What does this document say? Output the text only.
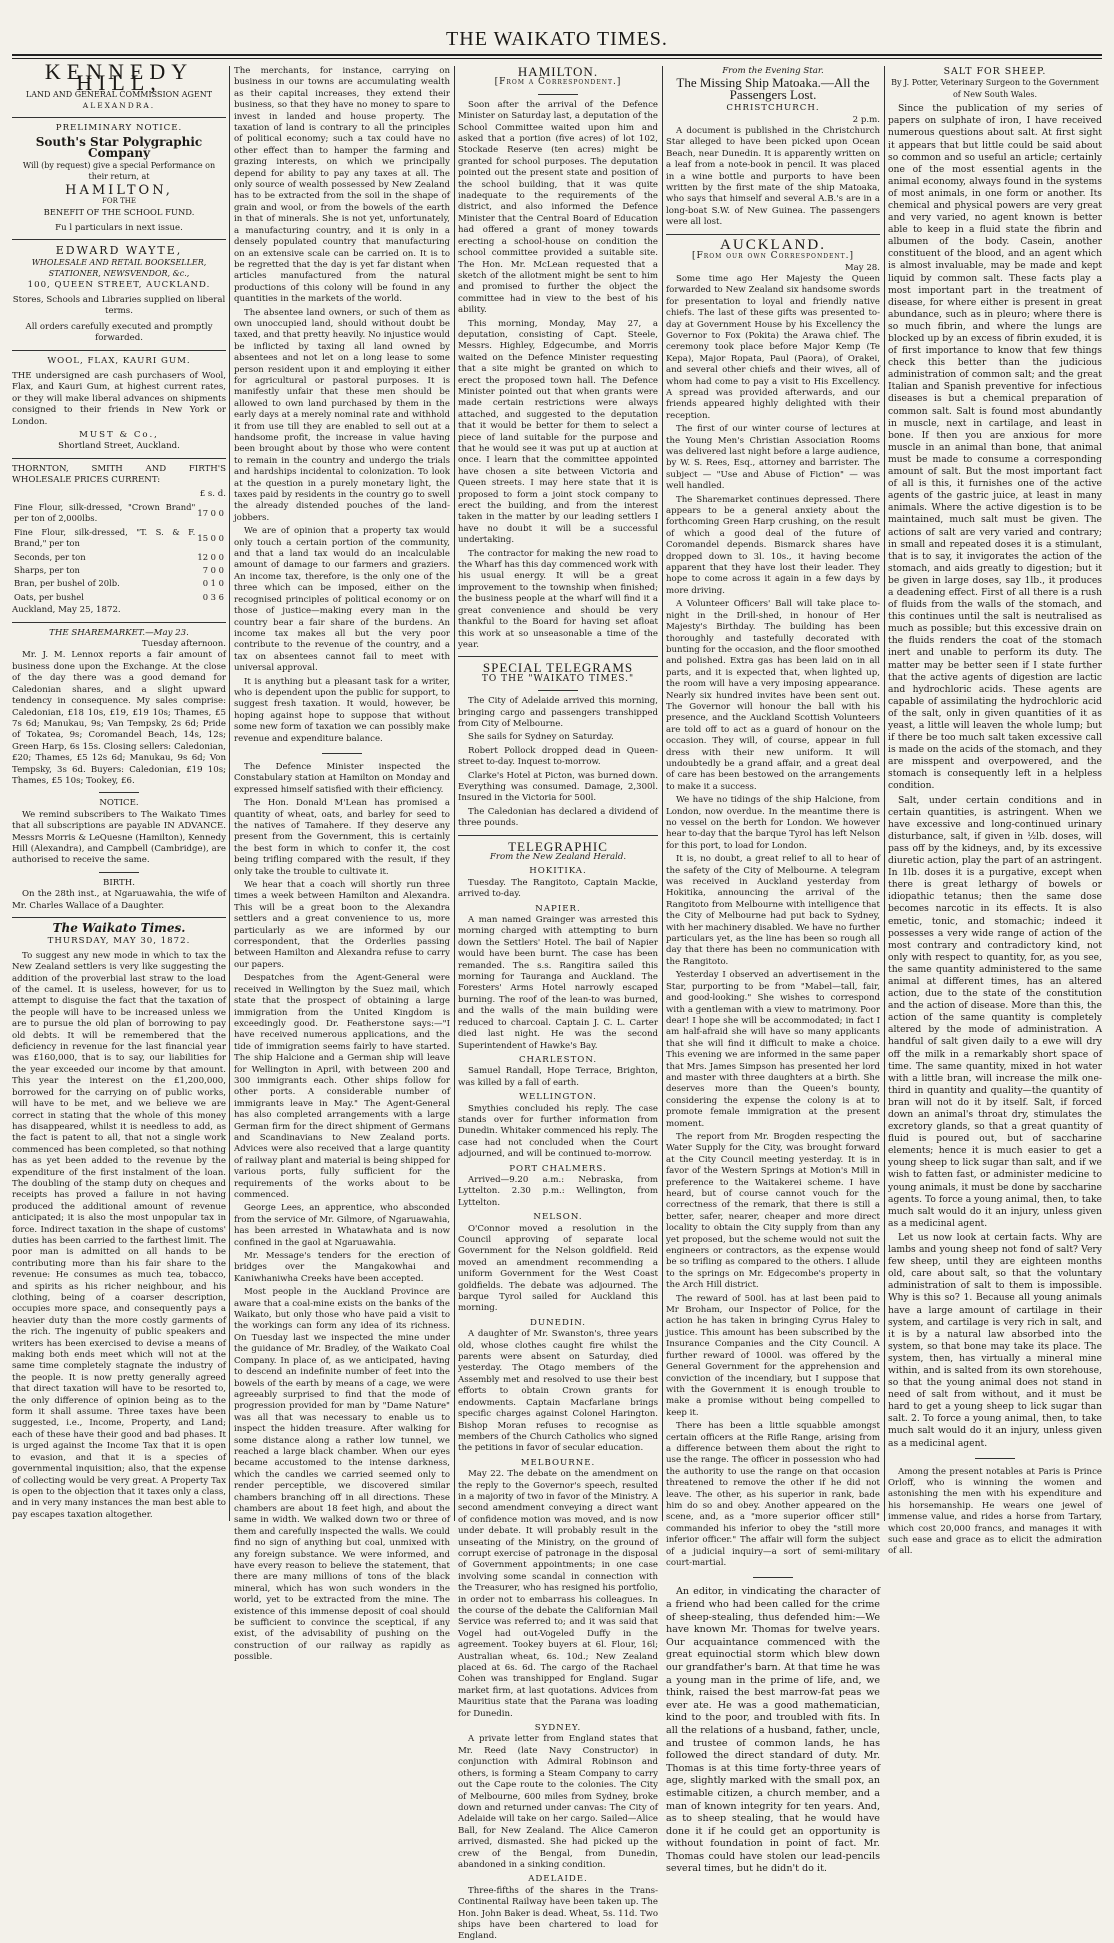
THE WAIKATO TIMES.
KENNEDY HILL,
LAND AND GENERAL COMMISSION AGENT
ALEXANDRA.
PRELIMINARY NOTICE.
South's Star Polygraphic Company
Will (by request) give a special Performance on their return, at
HAMILTON,
FOR THE
BENEFIT OF THE SCHOOL FUND.
Fu l particulars in next issue.
EDWARD WAYTE,
WHOLESALE AND RETAIL BOOKSELLER,
STATIONER, NEWSVENDOR, &c.,
100, QUEEN STREET, AUCKLAND.

Stores, Schools and Libraries supplied on liberal terms.

All orders carefully executed and promptly forwarded.

WOOL, FLAX, KAURI GUM.

THE undersigned are cash purchasers of Wool, Flax, and Kauri Gum, at highest current rates, or they will make liberal advances on shipments consigned to their friends in New York or London.

MUST & Co.,
Shortland Street, Auckland.

THORNTON, SMITH AND FIRTH'S WHOLESALE PRICES CURRENT:

£ s. d.
Fine Flour, silk-dressed, "Crown Brand" per ton of 2,000lbs.	17 0 0
Fine Flour, silk-dressed, "T. S. & F. Brand," per ton	15 0 0
Seconds, per ton	12 0 0
Sharps, per ton	7 0 0
Bran, per bushel of 20lb.	0 1 0
Oats, per bushel	0 3 6
Auckland, May 25, 1872.
THE SHAREMARKET.—May 23.
Tuesday afternoon.

Mr. J. M. Lennox reports a fair amount of business done upon the Exchange. At the close of the day there was a good demand for Caledonian shares, and a slight upward tendency in consequence. My sales comprise: Caledonian, £18 10s, £19, £19 10s; Thames, £5 7s 6d; Manukau, 9s; Van Tempsky, 2s 6d; Pride of Tokatea, 9s; Coromandel Beach, 14s, 12s; Green Harp, 6s 15s. Closing sellers: Caledonian, £20; Thames, £5 12s 6d; Manukau, 9s 6d; Von Tempsky, 3s 6d. Buyers: Caledonian, £19 10s; Thames, £5 10s; Tookey, £6.

NOTICE.

We remind subscribers to The Waikato Times that all subscriptions are payable IN ADVANCE. Messrs Morris & LeQuesne (Hamilton), Kennedy Hill (Alexandra), and Campbell (Cambridge), are authorised to receive the same.

BIRTH.

On the 28th inst., at Ngaruawahia, the wife of Mr. Charles Wallace of a Daughter.

The Waikato Times.
THURSDAY, MAY 30, 1872.

To suggest any new mode in which to tax the New Zealand settlers is very like suggesting the addition of the proverbial last straw to the load of the camel. It is useless, however, for us to attempt to disguise the fact that the taxation of the people will have to be increased unless we are to pursue the old plan of borrowing to pay old debts. It will be remembered that the deficiency in revenue for the last financial year was £160,000, that is to say, our liabilities for the year exceeded our income by that amount. This year the interest on the £1,200,000, borrowed for the carrying on of public works, will have to be met, and we believe we are correct in stating that the whole of this money has disappeared, whilst it is needless to add, as the fact is patent to all, that not a single work commenced has been completed, so that nothing has as yet been added to the revenue by the expenditure of the first instalment of the loan. The doubling of the stamp duty on cheques and receipts has proved a failure in not having produced the additional amount of revenue anticipated; it is also the most unpopular tax in force. Indirect taxation in the shape of customs' duties has been carried to the farthest limit. The poor man is admitted on all hands to be contributing more than his fair share to the revenue: He consumes as much tea, tobacco, and spirits as his richer neighbour, and his clothing, being of a coarser description, occupies more space, and consequently pays a heavier duty than the more costly garments of the rich. The ingenuity of public speakers and writers has been exercised to devise a means of making both ends meet which will not at the same time completely stagnate the industry of the people. It is now pretty generally agreed that direct taxation will have to be resorted to, the only difference of opinion being as to the form it shall assume. Three taxes have been suggested, i.e., Income, Property, and Land; each of these have their good and bad phases. It is urged against the Income Tax that it is open to evasion, and that it is a species of governmental inquisition; also, that the expense of collecting would be very great. A Property Tax is open to the objection that it taxes only a class, and in very many instances the man best able to pay escapes taxation altogether.

The merchants, for instance, carrying on business in our towns are accumulating wealth as their capital increases, they extend their business, so that they have no money to spare to invest in landed and house property. The taxation of land is contrary to all the principles of political economy; such a tax could have no other effect than to hamper the farming and grazing interests, on which we principally depend for ability to pay any taxes at all. The only source of wealth possessed by New Zealand has to be extracted from the soil in the shape of grain and wool, or from the bowels of the earth in that of minerals. She is not yet, unfortunately, a manufacturing country, and it is only in a densely populated country that manufacturing on an extensive scale can be carried on. It is to be regretted that the day is yet far distant when articles manufactured from the natural productions of this colony will be found in any quantities in the markets of the world.

The absentee land owners, or such of them as own unoccupied land, should without doubt be taxed, and that pretty heavily. No injustice would be inflicted by taxing all land owned by absentees and not let on a long lease to some person resident upon it and employing it either for agricultural or pastoral purposes. It is manifestly unfair that these men should be allowed to own land purchased by them in the early days at a merely nominal rate and withhold it from use till they are enabled to sell out at a handsome profit, the increase in value having been brought about by those who were content to remain in the country and undergo the trials and hardships incidental to colonization. To look at the question in a purely monetary light, the taxes paid by residents in the country go to swell the already distended pouches of the land-jobbers.

We are of opinion that a property tax would only touch a certain portion of the community, and that a land tax would do an incalculable amount of damage to our farmers and graziers. An income tax, therefore, is the only one of the three which can be imposed, either on the recognised principles of political economy or on those of justice—making every man in the country bear a fair share of the burdens. An income tax makes all but the very poor contribute to the revenue of the country, and a tax on absentees cannot fail to meet with universal approval.

It is anything but a pleasant task for a writer, who is dependent upon the public for support, to suggest fresh taxation. It would, however, be hoping against hope to suppose that without some new form of taxation we can possibly make revenue and expenditure balance.

The Defence Minister inspected the Constabulary station at Hamilton on Monday and expressed himself satisfied with their efficiency.

The Hon. Donald M'Lean has promised a quantity of wheat, oats, and barley for seed to the natives of Tamahere. If they deserve any present from the Government, this is certainly the best form in which to confer it, the cost being trifling compared with the result, if they only take the trouble to cultivate it.

We hear that a coach will shortly run three times a week between Hamilton and Alexandra. This will be a great boon to the Alexandra settlers and a great convenience to us, more particularly as we are informed by our correspondent, that the Orderlies passing between Hamilton and Alexandra refuse to carry our papers.

Despatches from the Agent-General were received in Wellington by the Suez mail, which state that the prospect of obtaining a large immigration from the United Kingdom is exceedingly good. Dr. Featherstone says:—"I have received numerous applications, and the tide of immigration seems fairly to have started. The ship Halcione and a German ship will leave for Wellington in April, with between 200 and 300 immigrants each. Other ships follow for other ports. A considerable number of immigrants leave in May." The Agent-General has also completed arrangements with a large German firm for the direct shipment of Germans and Scandinavians to New Zealand ports. Advices were also received that a large quantity of railway plant and material is being shipped for various ports, fully sufficient for the requirements of the works about to be commenced.

George Lees, an apprentice, who absconded from the service of Mr. Gilmore, of Ngaruawahia, has been arrested in Whatawhata and is now confined in the gaol at Ngaruawahia.

Mr. Message's tenders for the erection of bridges over the Mangakowhai and Kaniwhaniwha Creeks have been accepted.

Most people in the Auckland Province are aware that a coal-mine exists on the banks of the Waikato, but only those who have paid a visit to the workings can form any idea of its richness. On Tuesday last we inspected the mine under the guidance of Mr. Bradley, of the Waikato Coal Company. In place of, as we anticipated, having to descend an indefinite number of feet into the bowels of the earth by means of a cage, we were agreeably surprised to find that the mode of progression provided for man by "Dame Nature" was all that was necessary to enable us to inspect the hidden treasure. After walking for some distance along a rather low tunnel, we reached a large black chamber. When our eyes became accustomed to the intense darkness, which the candles we carried seemed only to render perceptible, we discovered similar chambers branching off in all directions. These chambers are about 18 feet high, and about the same in width. We walked down two or three of them and carefully inspected the walls. We could find no sign of anything but coal, unmixed with any foreign substance. We were informed, and have every reason to believe the statement, that there are many millions of tons of the black mineral, which has won such wonders in the world, yet to be extracted from the mine. The existence of this immense deposit of coal should be sufficient to convince the sceptical, if any exist, of the advisability of pushing on the construction of our railway as rapidly as possible.

HAMILTON.
[From a Correspondent.]

Soon after the arrival of the Defence Minister on Saturday last, a deputation of the School Committee waited upon him and asked that a portion (five acres) of lot 102, Stockade Reserve (ten acres) might be granted for school purposes. The deputation pointed out the present state and position of the school building, that it was quite inadequate to the requirements of the district, and also informed the Defence Minister that the Central Board of Education had offered a grant of money towards erecting a school-house on condition the school committee provided a suitable site. The Hon. Mr. McLean requested that a sketch of the allotment might be sent to him and promised to further the object the committee had in view to the best of his ability.

This morning, Monday, May 27, a deputation, consisting of Capt. Steele, Messrs. Highley, Edgecumbe, and Morris waited on the Defence Minister requesting that a site might be granted on which to erect the proposed town hall. The Defence Minister pointed out that when grants were made certain restrictions were always attached, and suggested to the deputation that it would be better for them to select a piece of land suitable for the purpose and that he would see it was put up at auction at once. I learn that the committee appointed have chosen a site between Victoria and Queen streets. I may here state that it is proposed to form a joint stock company to erect the building, and from the interest taken in the matter by our leading settlers I have no doubt it will be a successful undertaking.

The contractor for making the new road to the Wharf has this day commenced work with his usual energy. It will be a great improvement to the township when finished; the business people at the wharf will find it a great convenience and should be very thankful to the Board for having set afloat this work at so unseasonable a time of the year.

SPECIAL TELEGRAMS
TO THE "WAIKATO TIMES."

The City of Adelaide arrived this morning, bringing cargo and passengers transhipped from City of Melbourne.

She sails for Sydney on Saturday.

Robert Pollock dropped dead in Queen-street to-day. Inquest to-morrow.

Clarke's Hotel at Picton, was burned down. Everything was consumed. Damage, 2,300l. Insured in the Victoria for 500l.

The Caledonian has declared a dividend of three pounds.

TELEGRAPHIC
From the New Zealand Herald.
HOKITIKA.

Tuesday. The Rangitoto, Captain Mackie, arrived to-day.

NAPIER.

A man named Grainger was arrested this morning charged with attempting to burn down the Settlers' Hotel. The bail of Napier would have been burnt. The case has been remanded. The s.s. Rangitira sailed this morning for Tauranga and Auckland. The Foresters' Arms Hotel narrowly escaped burning. The roof of the lean-to was burned, and the walls of the main building were reduced to charcoal. Captain J. C. L. Carter died last night. He was the second Superintendent of Hawke's Bay.

CHARLESTON.

Samuel Randall, Hope Terrace, Brighton, was killed by a fall of earth.

WELLINGTON.

Smythies concluded his reply. The case stands over for further information from Dunedin. Whitaker commenced his reply. The case had not concluded when the Court adjourned, and will be continued to-morrow.

PORT CHALMERS.

Arrived—9.20 a.m.: Nebraska, from Lyttelton. 2.30 p.m.: Wellington, from Lyttelton.

NELSON.

O'Connor moved a resolution in the Council approving of separate local Government for the Nelson goldfield. Reid moved an amendment recommending a uniform Government for the West Coast goldfields. The debate was adjourned. The barque Tyrol sailed for Auckland this morning.

DUNEDIN.

A daughter of Mr. Swanston's, three years old, whose clothes caught fire whilst the parents were absent on Saturday, died yesterday. The Otago members of the Assembly met and resolved to use their best efforts to obtain Crown grants for endowments. Captain Macfarlane brings specific charges against Colonel Harington. Bishop Moran refuses to recognise as members of the Church Catholics who signed the petitions in favor of secular education.

MELBOURNE.

May 22. The debate on the amendment on the reply to the Governor's speech, resulted in a majority of two in favor of the Ministry. A second amendment conveying a direct want of confidence motion was moved, and is now under debate. It will probably result in the unseating of the Ministry, on the ground of corrupt exercise of patronage in the disposal of Government appointments; in one case involving some scandal in connection with the Treasurer, who has resigned his portfolio, in order not to embarrass his colleagues. In the course of the debate the Californian Mail Service was referred to; and it was said that Vogel had out-Vogeled Duffy in the agreement. Tookey buyers at 6l. Flour, 16l; Australian wheat, 6s. 10d.; New Zealand placed at 6s. 6d. The cargo of the Rachael Cohen was transhipped for England. Sugar market firm, at last quotations. Advices from Mauritius state that the Parana was loading for Dunedin.

SYDNEY.

A private letter from England states that Mr. Reed (late Navy Constructor) in conjunction with Admiral Robinson and others, is forming a Steam Company to carry out the Cape route to the colonies. The City of Melbourne, 600 miles from Sydney, broke down and returned under canvas: The City of Adelaide will take on her cargo. Sailed—Alice Ball, for New Zealand. The Alice Cameron arrived, dismasted. She had picked up the crew of the Bengal, from Dunedin, abandoned in a sinking condition.

ADELAIDE.

Three-fifths of the shares in the Trans-Continental Railway have been taken up. The Hon. John Baker is dead. Wheat, 5s. 11d. Two ships have been chartered to load for England.

From the Evening Star.
The Missing Ship Matoaka.—All the Passengers Lost.
CHRISTCHURCH.
2 p.m.

A document is published in the Christchurch Star alleged to have been picked upon Ocean Beach, near Dunedin. It is apparently written on a leaf from a note-book in pencil. It was placed in a wine bottle and purports to have been written by the first mate of the ship Matoaka, who says that himself and several A.B.'s are in a long-boat S.W. of New Guinea. The passengers were all lost.

AUCKLAND.
[From our own Correspondent.]
May 28.

Some time ago Her Majesty the Queen forwarded to New Zealand six handsome swords for presentation to loyal and friendly native chiefs. The last of these gifts was presented to-day at Government House by his Excellency the Governor to Fox (Pokita) the Arawa chief. The ceremony took place before Major Kemp (Te Kepa), Major Ropata, Paul (Paora), of Orakei, and several other chiefs and their wives, all of whom had come to pay a visit to His Excellency. A spread was provided afterwards, and our friends appeared highly delighted with their reception.

The first of our winter course of lectures at the Young Men's Christian Association Rooms was delivered last night before a large audience, by W. S. Rees, Esq., attorney and barrister. The subject — "Use and Abuse of Fiction" — was well handled.

The Sharemarket continues depressed. There appears to be a general anxiety about the forthcoming Green Harp crushing, on the result of which a good deal of the future of Coromandel depends. Bismarck shares have dropped down to 3l. 10s., it having become apparent that they have lost their leader. They hope to come across it again in a few days by more driving.

A Volunteer Officers' Ball will take place to-night in the Drill-shed, in honour of Her Majesty's Birthday. The building has been thoroughly and tastefully decorated with bunting for the occasion, and the floor smoothed and polished. Extra gas has been laid on in all parts, and it is expected that, when lighted up, the room will have a very imposing appearance. Nearly six hundred invites have been sent out. The Governor will honour the ball with his presence, and the Auckland Scottish Volunteers are told off to act as a guard of honour on the occasion. They will, of course, appear in full dress with their new uniform. It will undoubtedly be a grand affair, and a great deal of care has been bestowed on the arrangements to make it a success.

We have no tidings of the ship Halcione, from London, now overdue. In the meantime there is no vessel on the berth for London. We however hear to-day that the barque Tyrol has left Nelson for this port, to load for London.

It is, no doubt, a great relief to all to hear of the safety of the City of Melbourne. A telegram was received in Auckland yesterday from Hokitika, announcing the arrival of the Rangitoto from Melbourne with intelligence that the City of Melbourne had put back to Sydney, with her machinery disabled. We have no further particulars yet, as the line has been so rough all day that there has been no communication with the Rangitoto.

Yesterday I observed an advertisement in the Star, purporting to be from "Mabel—tall, fair, and good-looking." She wishes to correspond with a gentleman with a view to matrimony. Poor dear! I hope she will be accommodated; in fact I am half-afraid she will have so many applicants that she will find it difficult to make a choice. This evening we are informed in the same paper that Mrs. James Simpson has presented her lord and master with three daughters at a birth. She deserves more than the Queen's bounty, considering the expense the colony is at to promote female immigration at the present moment.

The report from Mr. Brogden respecting the Water Supply for the City, was brought forward at the City Council meeting yesterday. It is in favor of the Western Springs at Motion's Mill in preference to the Waitakerei scheme. I have heard, but of course cannot vouch for the correctness of the remark, that there is still a better, safer, nearer, cheaper and more direct locality to obtain the City supply from than any yet proposed, but the scheme would not suit the engineers or contractors, as the expense would be so trifling as compared to the others. I allude to the springs on Mr. Edgecombe's property in the Arch Hill district.

The reward of 500l. has at last been paid to Mr Broham, our Inspector of Police, for the action he has taken in bringing Cyrus Haley to justice. This amount has been subscribed by the Insurance Companies and the City Council. A further reward of 1000l. was offered by the General Government for the apprehension and conviction of the incendiary, but I suppose that with the Government it is enough trouble to make a promise without being compelled to keep it.

There has been a little squabble amongst certain officers at the Rifle Range, arising from a difference between them about the right to use the range. The officer in possession who had the authority to use the range on that occasion threatened to remove the other if he did not leave. The other, as his superior in rank, bade him do so and obey. Another appeared on the scene, and, as a "more superior officer still" commanded his inferior to obey the "still more inferior officer." The affair will form the subject of a judicial inquiry—a sort of semi-military court-martial.

An editor, in vindicating the character of a friend who had been called for the crime of sheep-stealing, thus defended him:—We have known Mr. Thomas for twelve years. Our acquaintance commenced with the great equinoctial storm which blew down our grandfather's barn. At that time he was a young man in the prime of life, and, we think, raised the best marrow-fat peas we ever ate. He was a good mathematician, kind to the poor, and troubled with fits. In all the relations of a husband, father, uncle, and trustee of common lands, he has followed the direct standard of duty. Mr. Thomas is at this time forty-three years of age, slightly marked with the small pox, an estimable citizen, a church member, and a man of known integrity for ten years. And, as to sheep stealing, that he would have done it if he could get an opportunity is without foundation in point of fact. Mr. Thomas could have stolen our lead-pencils several times, but he didn't do it.

SALT FOR SHEEP.
By J. Potter, Veterinary Surgeon to the Government of New South Wales.

Since the publication of my series of papers on sulphate of iron, I have received numerous questions about salt. At first sight it appears that but little could be said about so common and so useful an article; certainly one of the most essential agents in the animal economy, always found in the systems of most animals, in one form or another. Its chemical and physical powers are very great and very varied, no agent known is better able to keep in a fluid state the fibrin and albumen of the body. Casein, another constituent of the blood, and an agent which is almost invaluable, may be made and kept liquid by common salt. These facts play a most important part in the treatment of disease, for where either is present in great abundance, such as in pleuro; where there is so much fibrin, and where the lungs are blocked up by an excess of fibrin exuded, it is of first importance to know that few things check this better than the judicious administration of common salt; and the great Italian and Spanish preventive for infectious diseases is but a chemical preparation of common salt. Salt is found most abundantly in muscle, next in cartilage, and least in bone. If then you are anxious for more muscle in an animal than bone, that animal must be made to consume a corresponding amount of salt. But the most important fact of all is this, it furnishes one of the active agents of the gastric juice, at least in many animals. Where the active digestion is to be maintained, much salt must be given. The actions of salt are very varied and contrary; in small and repeated doses it is a stimulant, that is to say, it invigorates the action of the stomach, and aids greatly to digestion; but it be given in large doses, say 1lb., it produces a deadening effect. First of all there is a rush of fluids from the walls of the stomach, and this continues until the salt is neutralised as much as possible; but this excessive drain on the fluids renders the coat of the stomach inert and unable to perform its duty. The matter may be better seen if I state further that the active agents of digestion are lactic and hydrochloric acids. These agents are capable of assimilating the hydrochloric acid of the salt, only in given quantities of it as yeast, a little will leaven the whole lump; but if there be too much salt taken excessive call is made on the acids of the stomach, and they are misspent and overpowered, and the stomach is consequently left in a helpless condition.

Salt, under certain conditions and in certain quantities, is astringent. When we have excessive and long-continued urinary disturbance, salt, if given in ½lb. doses, will pass off by the kidneys, and, by its excessive diuretic action, play the part of an astringent. In 1lb. doses it is a purgative, except when there is great lethargy of bowels or idiopathic tetanus; then the same dose becomes narcotic in its effects. It is also emetic, tonic, and stomachic; indeed it possesses a very wide range of action of the most contrary and contradictory kind, not only with respect to quantity, for, as you see, the same quantity administered to the same animal at different times, has an altered action, due to the state of the constitution and the action of disease. More than this, the action of the same quantity is completely altered by the mode of administration. A handful of salt given daily to a ewe will dry off the milk in a remarkably short space of time. The same quantity, mixed in hot water with a little bran, will increase the milk one-third in quantity and quality—the quantity of bran will not do it by itself. Salt, if forced down an animal's throat dry, stimulates the excretory glands, so that a great quantity of fluid is poured out, but of saccharine elements; hence it is much easier to get a young sheep to lick sugar than salt, and if we wish to fatten fast, or administer medicine to young animals, it must be done by saccharine agents. To force a young animal, then, to take much salt would do it an injury, unless given as a medicinal agent.

Let us now look at certain facts. Why are lambs and young sheep not fond of salt? Very few sheep, until they are eighteen months old, care about salt, so that the voluntary administration of salt to them is impossible. Why is this so? 1. Because all young animals have a large amount of cartilage in their system, and cartilage is very rich in salt, and it is by a natural law absorbed into the system, so that bone may take its place. The system, then, has virtually a mineral mine within, and is salted from its own storehouse, so that the young animal does not stand in need of salt from without, and it must be hard to get a young sheep to lick sugar than salt. 2. To force a young animal, then, to take much salt would do it an injury, unless given as a medicinal agent.

Among the present notables at Paris is Prince Orloff, who is winning the women and astonishing the men with his expenditure and his horsemanship. He wears one jewel of immense value, and rides a horse from Tartary, which cost 20,000 francs, and manages it with such ease and grace as to elicit the admiration of all.
